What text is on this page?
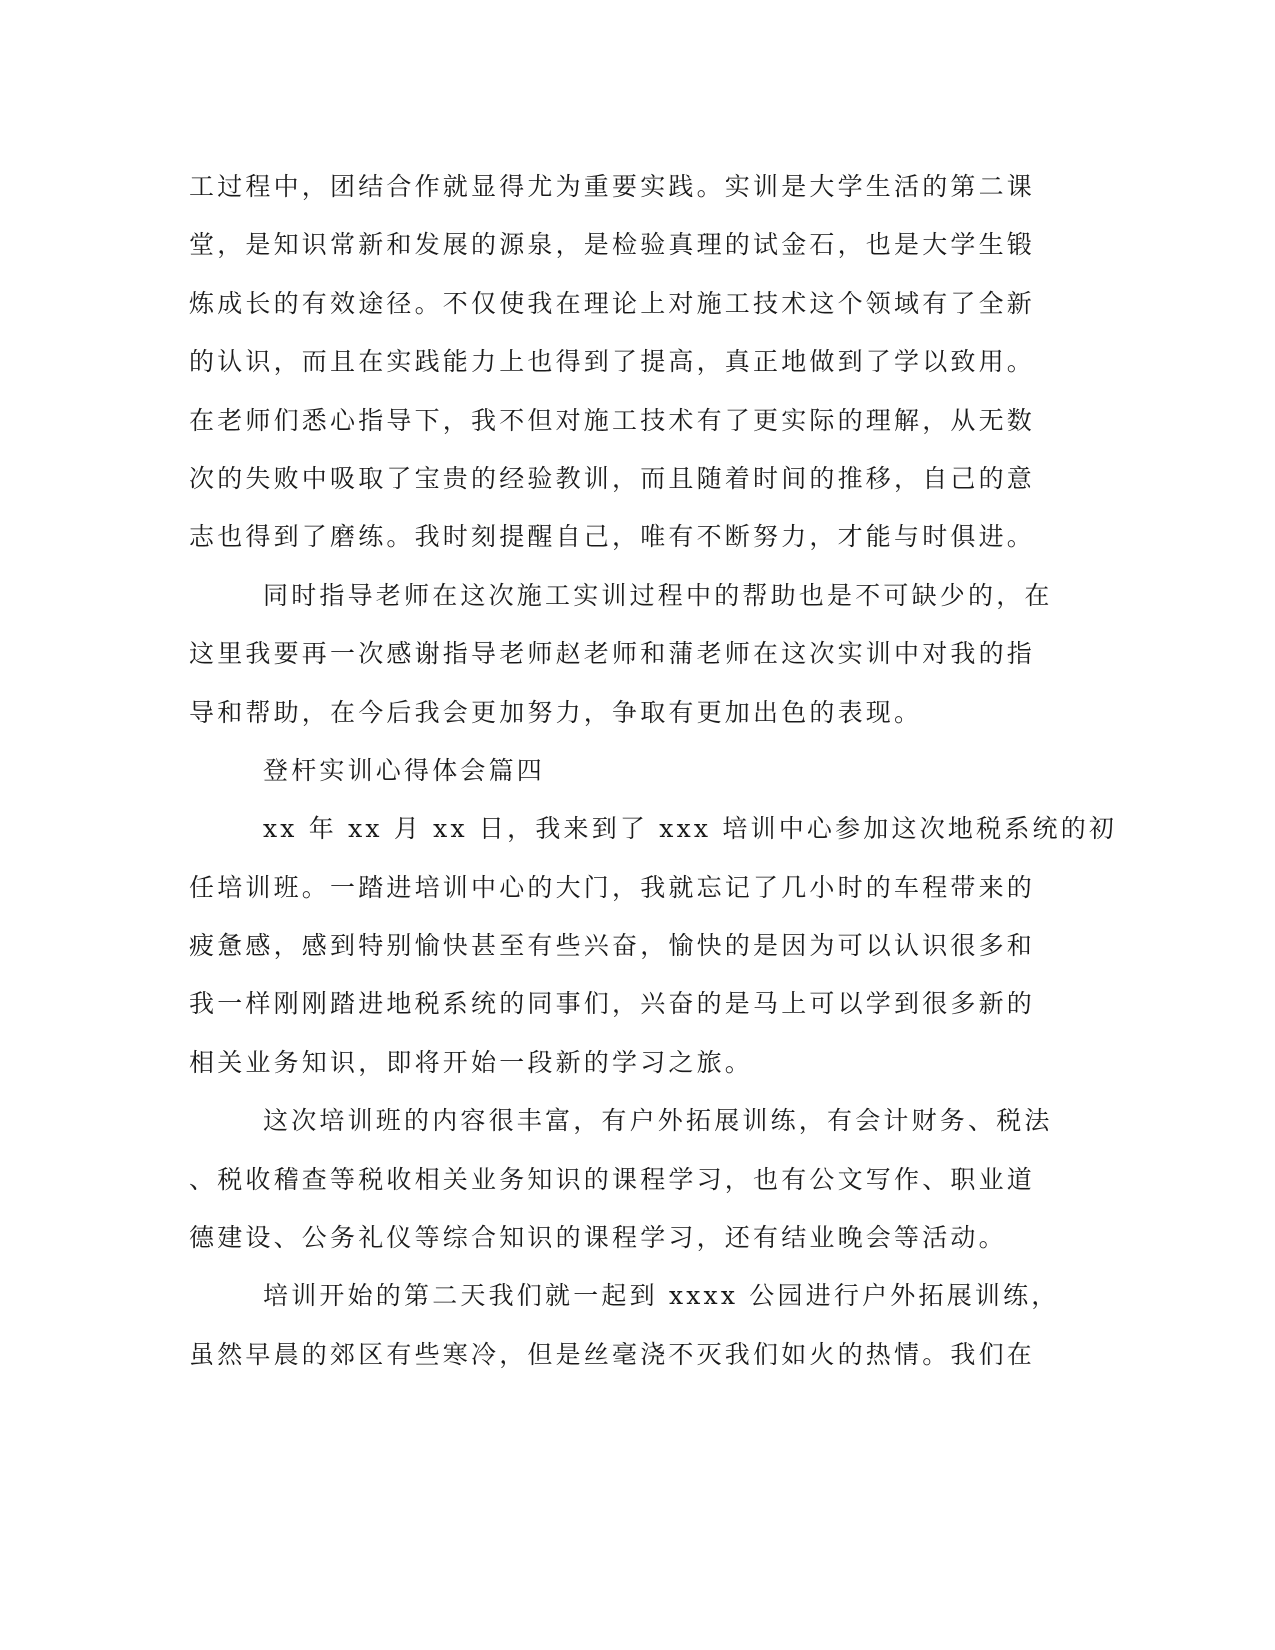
工过程中，团结合作就显得尤为重要实践。实训是大学生活的第二课
堂，是知识常新和发展的源泉，是检验真理的试金石，也是大学生锻
炼成长的有效途径。不仅使我在理论上对施工技术这个领域有了全新
的认识，而且在实践能力上也得到了提高，真正地做到了学以致用。
在老师们悉心指导下，我不但对施工技术有了更实际的理解，从无数
次的失败中吸取了宝贵的经验教训，而且随着时间的推移，自己的意
志也得到了磨练。我时刻提醒自己，唯有不断努力，才能与时俱进。
同时指导老师在这次施工实训过程中的帮助也是不可缺少的，在
这里我要再一次感谢指导老师赵老师和蒲老师在这次实训中对我的指
导和帮助，在今后我会更加努力，争取有更加出色的表现。
登杆实训心得体会篇四
xx 年 xx 月 xx 日，我来到了 xxx 培训中心参加这次地税系统的初
任培训班。一踏进培训中心的大门，我就忘记了几小时的车程带来的
疲惫感，感到特别愉快甚至有些兴奋，愉快的是因为可以认识很多和
我一样刚刚踏进地税系统的同事们，兴奋的是马上可以学到很多新的
相关业务知识，即将开始一段新的学习之旅。
这次培训班的内容很丰富，有户外拓展训练，有会计财务、税法
、税收稽查等税收相关业务知识的课程学习，也有公文写作、职业道
德建设、公务礼仪等综合知识的课程学习，还有结业晚会等活动。
培训开始的第二天我们就一起到 xxxx 公园进行户外拓展训练，
虽然早晨的郊区有些寒冷，但是丝毫浇不灭我们如火的热情。我们在
